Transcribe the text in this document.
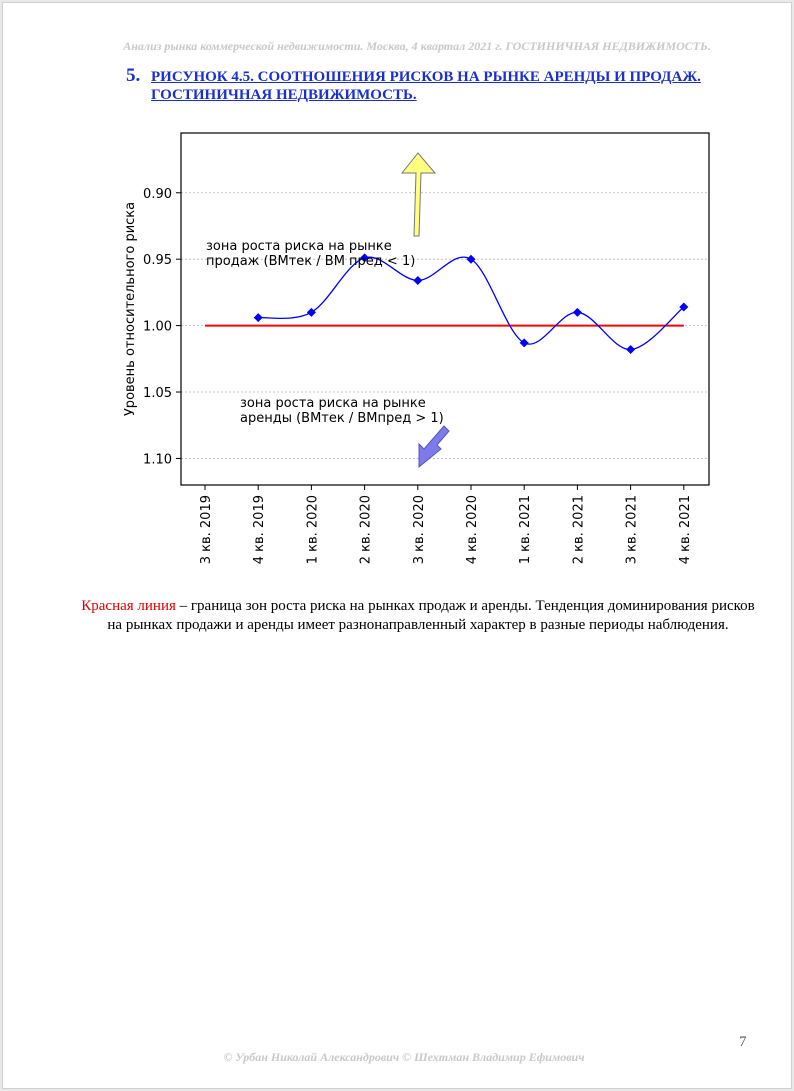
Анализ рынка коммерческой недвижимости. Москва, 4 квартал 2021 г. ГОСТИНИЧНАЯ НЕДВИЖИМОСТЬ.
5. РИСУНОК 4.5. СООТНОШЕНИЯ РИСКОВ НА РЫНКЕ АРЕНДЫ И ПРОДАЖ. ГОСТИНИЧНАЯ НЕДВИЖИМОСТЬ.
0.90
0.95
1.00
1.05
1.10
3 кв. 2019	4 кв. 2019	1 кв. 2020	2 кв. 2020	3 кв. 2020	4 кв. 2020	1 кв. 2021	2 кв. 2021	3 кв. 2021	4 кв. 2021
Уровень относительного риска	зона роста риска на рынке
продаж (ВМтек / ВМ пред < 1)
зона роста риска на рынке
аренды (ВМтек / ВМпред > 1)
Красная линия – граница зон роста риска на рынках продаж и аренды. Тенденция доминирования рисков на рынках продажи и аренды имеет разнонаправленный характер в разные периоды наблюдения.
7
© Урбан Николай Александрович © Шехтман Владимир Ефимович
